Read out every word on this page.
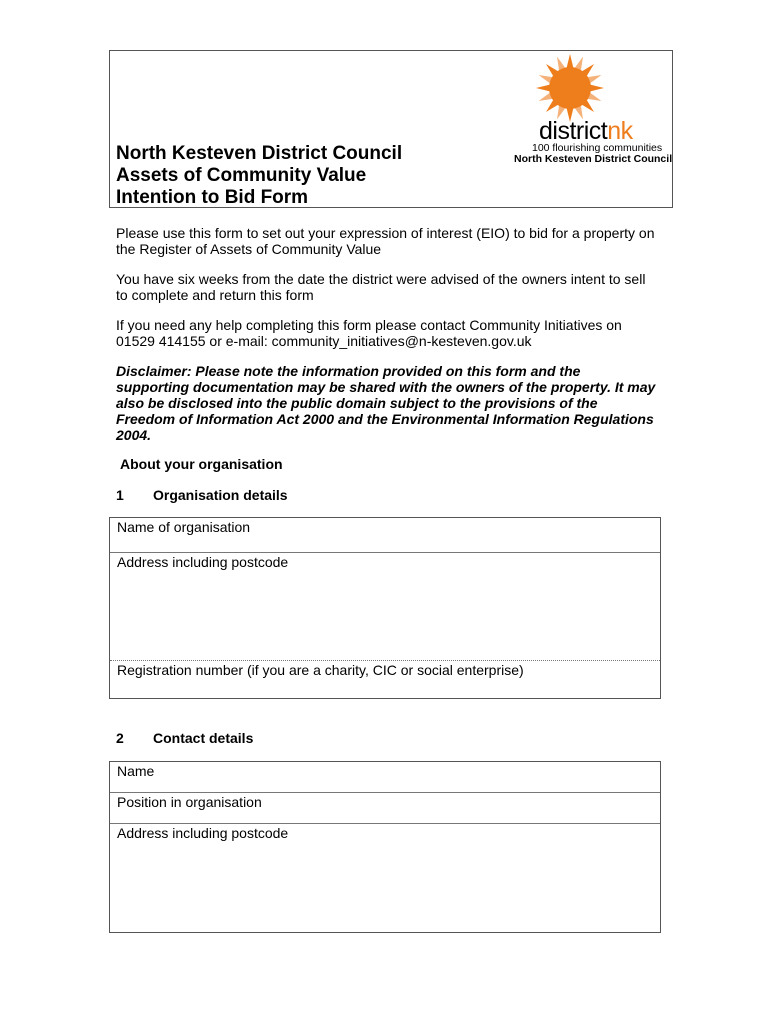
districtnk
100 flourishing communities
North Kesteven District Council
North Kesteven District Council
Assets of Community Value
Intention to Bid Form
Please use this form to set out your expression of interest (EIO) to bid for a property on the Register of Assets of Community Value
You have six weeks from the date the district were advised of the owners intent to sell to complete and return this form
If you need any help completing this form please contact Community Initiatives on 01529 414155 or e-mail: community_initiatives@n-kesteven.gov.uk
Disclaimer: Please note the information provided on this form and the supporting documentation may be shared with the owners of the property. It may also be disclosed into the public domain subject to the provisions of the Freedom of Information Act 2000 and the Environmental Information Regulations 2004.
About your organisation
1 Organisation details
Name of organisation
Address including postcode
Registration number (if you are a charity, CIC or social enterprise)
2 Contact details
Name
Position in organisation
Address including postcode
